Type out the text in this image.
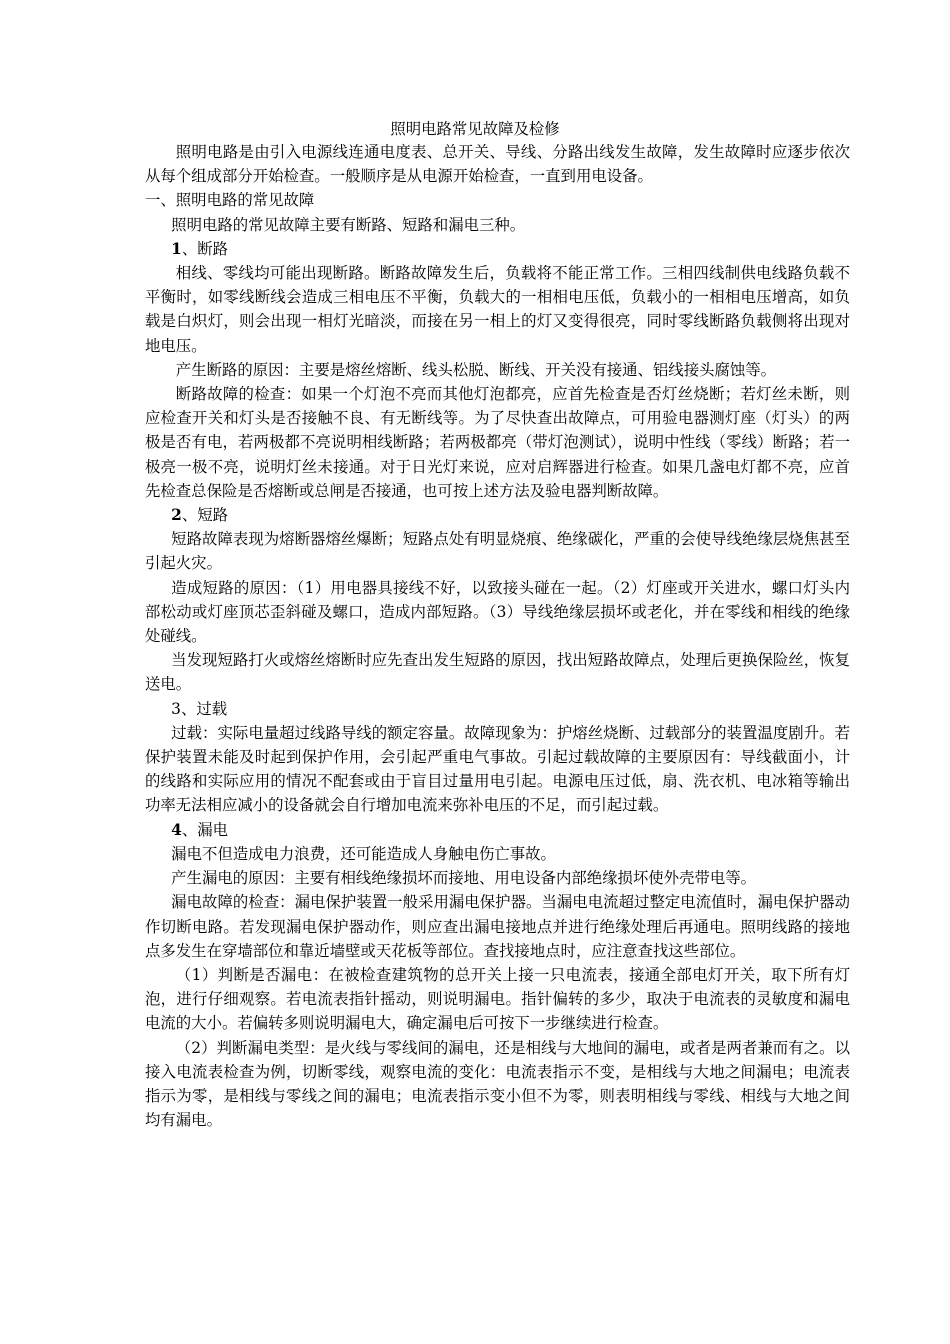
照明电路常见故障及检修

照明电路是由引入电源线连通电度表、总开关、导线、分路出线发生故障，发生故障时应逐步依次从每个组成部分开始检查。一般顺序是从电源开始检查，一直到用电设备。

一、照明电路的常见故障

照明电路的常见故障主要有断路、短路和漏电三种。

1、断路

相线、零线均可能出现断路。断路故障发生后，负载将不能正常工作。三相四线制供电线路负载不平衡时，如零线断线会造成三相电压不平衡，负载大的一相相电压低，负载小的一相相电压增高，如负载是白炽灯，则会出现一相灯光暗淡，而接在另一相上的灯又变得很亮，同时零线断路负载侧将出现对地电压。

产生断路的原因：主要是熔丝熔断、线头松脱、断线、开关没有接通、铝线接头腐蚀等。

断路故障的检查：如果一个灯泡不亮而其他灯泡都亮，应首先检查是否灯丝烧断；若灯丝未断，则应检查开关和灯头是否接触不良、有无断线等。为了尽快查出故障点，可用验电器测灯座（灯头）的两极是否有电，若两极都不亮说明相线断路；若两极都亮（带灯泡测试），说明中性线（零线）断路；若一极亮一极不亮，说明灯丝未接通。对于日光灯来说，应对启辉器进行检查。如果几盏电灯都不亮，应首先检查总保险是否熔断或总闸是否接通，也可按上述方法及验电器判断故障。

2、短路

短路故障表现为熔断器熔丝爆断；短路点处有明显烧痕、绝缘碳化，严重的会使导线绝缘层烧焦甚至引起火灾。

造成短路的原因：（1）用电器具接线不好，以致接头碰在一起。（2）灯座或开关进水，螺口灯头内部松动或灯座顶芯歪斜碰及螺口，造成内部短路。（3）导线绝缘层损坏或老化，并在零线和相线的绝缘处碰线。

当发现短路打火或熔丝熔断时应先查出发生短路的原因，找出短路故障点，处理后更换保险丝，恢复送电。

3、过载

过载：实际电量超过线路导线的额定容量。故障现象为：护熔丝烧断、过载部分的装置温度剧升。若保护装置未能及时起到保护作用，会引起严重电气事故。引起过载故障的主要原因有：导线截面小，计的线路和实际应用的情况不配套或由于盲目过量用电引起。电源电压过低，扇、洗衣机、电冰箱等输出功率无法相应减小的设备就会自行增加电流来弥补电压的不足，而引起过载。

4、漏电

漏电不但造成电力浪费，还可能造成人身触电伤亡事故。

产生漏电的原因：主要有相线绝缘损坏而接地、用电设备内部绝缘损坏使外壳带电等。

漏电故障的检查：漏电保护装置一般采用漏电保护器。当漏电电流超过整定电流值时，漏电保护器动作切断电路。若发现漏电保护器动作，则应查出漏电接地点并进行绝缘处理后再通电。照明线路的接地点多发生在穿墙部位和靠近墙壁或天花板等部位。查找接地点时，应注意查找这些部位。

（1）判断是否漏电：在被检查建筑物的总开关上接一只电流表，接通全部电灯开关，取下所有灯泡，进行仔细观察。若电流表指针摇动，则说明漏电。指针偏转的多少，取决于电流表的灵敏度和漏电电流的大小。若偏转多则说明漏电大，确定漏电后可按下一步继续进行检查。

（2）判断漏电类型：是火线与零线间的漏电，还是相线与大地间的漏电，或者是两者兼而有之。以接入电流表检查为例，切断零线，观察电流的变化：电流表指示不变，是相线与大地之间漏电；电流表指示为零，是相线与零线之间的漏电；电流表指示变小但不为零，则表明相线与零线、相线与大地之间均有漏电。
